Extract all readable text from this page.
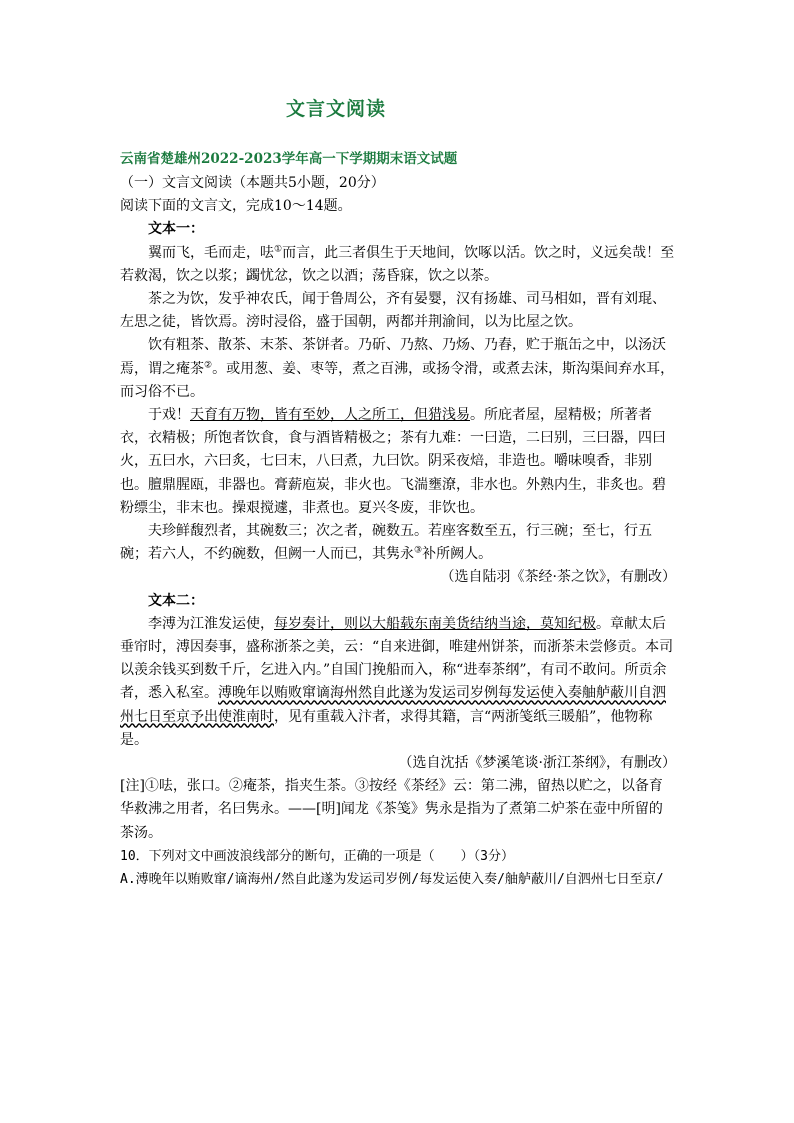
文言文阅读
云南省楚雄州2022-2023学年高一下学期期末语文试题

（一）文言文阅读（本题共5小题，20分）

阅读下面的文言文，完成10～14题。

文本一：

翼而飞，毛而走，呿①而言，此三者俱生于天地间，饮啄以活。饮之时，义远矣哉！至若救渴，饮之以浆；蠲忧忿，饮之以酒；荡昏寐，饮之以茶。

茶之为饮，发乎神农氏，闻于鲁周公，齐有晏婴，汉有扬雄、司马相如，晋有刘琨、左思之徒，皆饮焉。滂时浸俗，盛于国朝，两都并荆渝间，以为比屋之饮。

饮有粗茶、散茶、末茶、茶饼者。乃斫、乃熬、乃炀、乃舂，贮于瓶缶之中，以汤沃焉，谓之痷茶②。或用葱、姜、枣等，煮之百沸，或扬令滑，或煮去沫，斯沟渠间弃水耳，而习俗不已。

于戏！天育有万物，皆有至妙，人之所工，但猎浅易。所庇者屋，屋精极；所著者衣，衣精极；所饱者饮食，食与酒皆精极之；茶有九难：一曰造，二曰别，三曰器，四曰火，五曰水，六曰炙，七曰末，八曰煮，九曰饮。阴采夜焙，非造也。嚼味嗅香，非别也。膻鼎腥瓯，非器也。膏薪庖炭，非火也。飞湍壅潦，非水也。外熟内生，非炙也。碧粉缥尘，非末也。操艰搅遽，非煮也。夏兴冬废，非饮也。

夫珍鲜馥烈者，其碗数三；次之者，碗数五。若座客数至五，行三碗；至七，行五碗；若六人，不约碗数，但阙一人而已，其隽永③补所阙人。

（选自陆羽《茶经·茶之饮》，有删改）

文本二：

李溥为江淮发运使，每岁奏计，则以大船载东南美货结纳当途，莫知纪极。章献太后垂帘时，溥因奏事，盛称浙茶之美，云：“自来进御，唯建州饼茶，而浙茶未尝修贡。本司以羡余钱买到数千斤，乞进入内。”自国门挽船而入，称“进奉茶纲”，有司不敢问。所贡余者，悉入私室。溥晚年以贿败窜谪海州然自此遂为发运司岁例每发运使入奏舳舻蔽川自泗州七日至京予出使淮南时，见有重载入汴者，求得其籍，言“两浙笺纸三暖船”，他物称是。

（选自沈括《梦溪笔谈·浙江茶纲》，有删改）

[注]①呿，张口。②痷茶，指夹生茶。③按经《茶经》云：第二沸，留热以贮之，以备育华救沸之用者，名曰隽永。——[明]闻龙《茶笺》隽永是指为了煮第二炉茶在壶中所留的茶汤。

10．下列对文中画波浪线部分的断句，正确的一项是（　　）（3分）

A.溥晚年以贿败窜/谪海州/然自此遂为发运司岁例/每发运使入奏/舳舻蔽川/自泗州七日至京/
